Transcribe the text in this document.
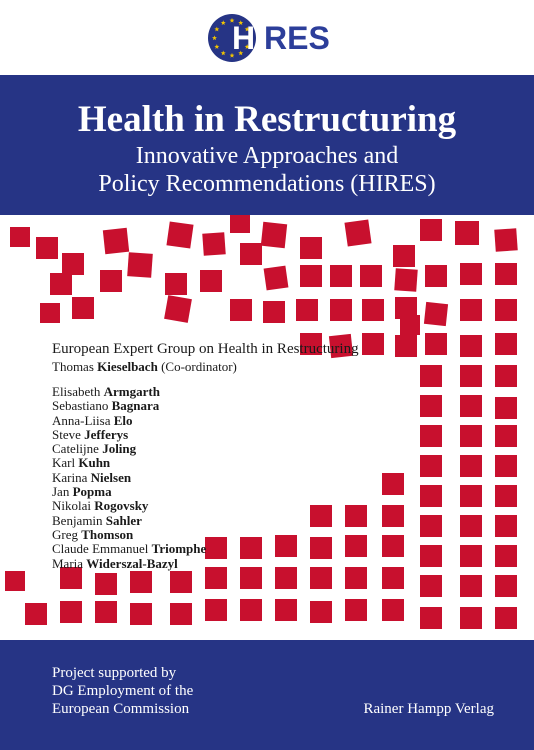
HIRES
Health in Restructuring
Innovative Approaches and
Policy Recommendations (HIRES)

European Expert Group on Health in Restructuring

Thomas Kieselbach (Co-ordinator)

Elisabeth Armgarth
Sebastiano Bagnara
Anna-Liisa Elo
Steve Jefferys
Catelijne Joling
Karl Kuhn
Karina Nielsen
Jan Popma
Nikolai Rogovsky
Benjamin Sahler
Greg Thomson
Claude Emmanuel Triomphe
Maria Widerszal-Bazyl
Project supported by
DG Employment of the
European Commission	Rainer Hampp Verlag
